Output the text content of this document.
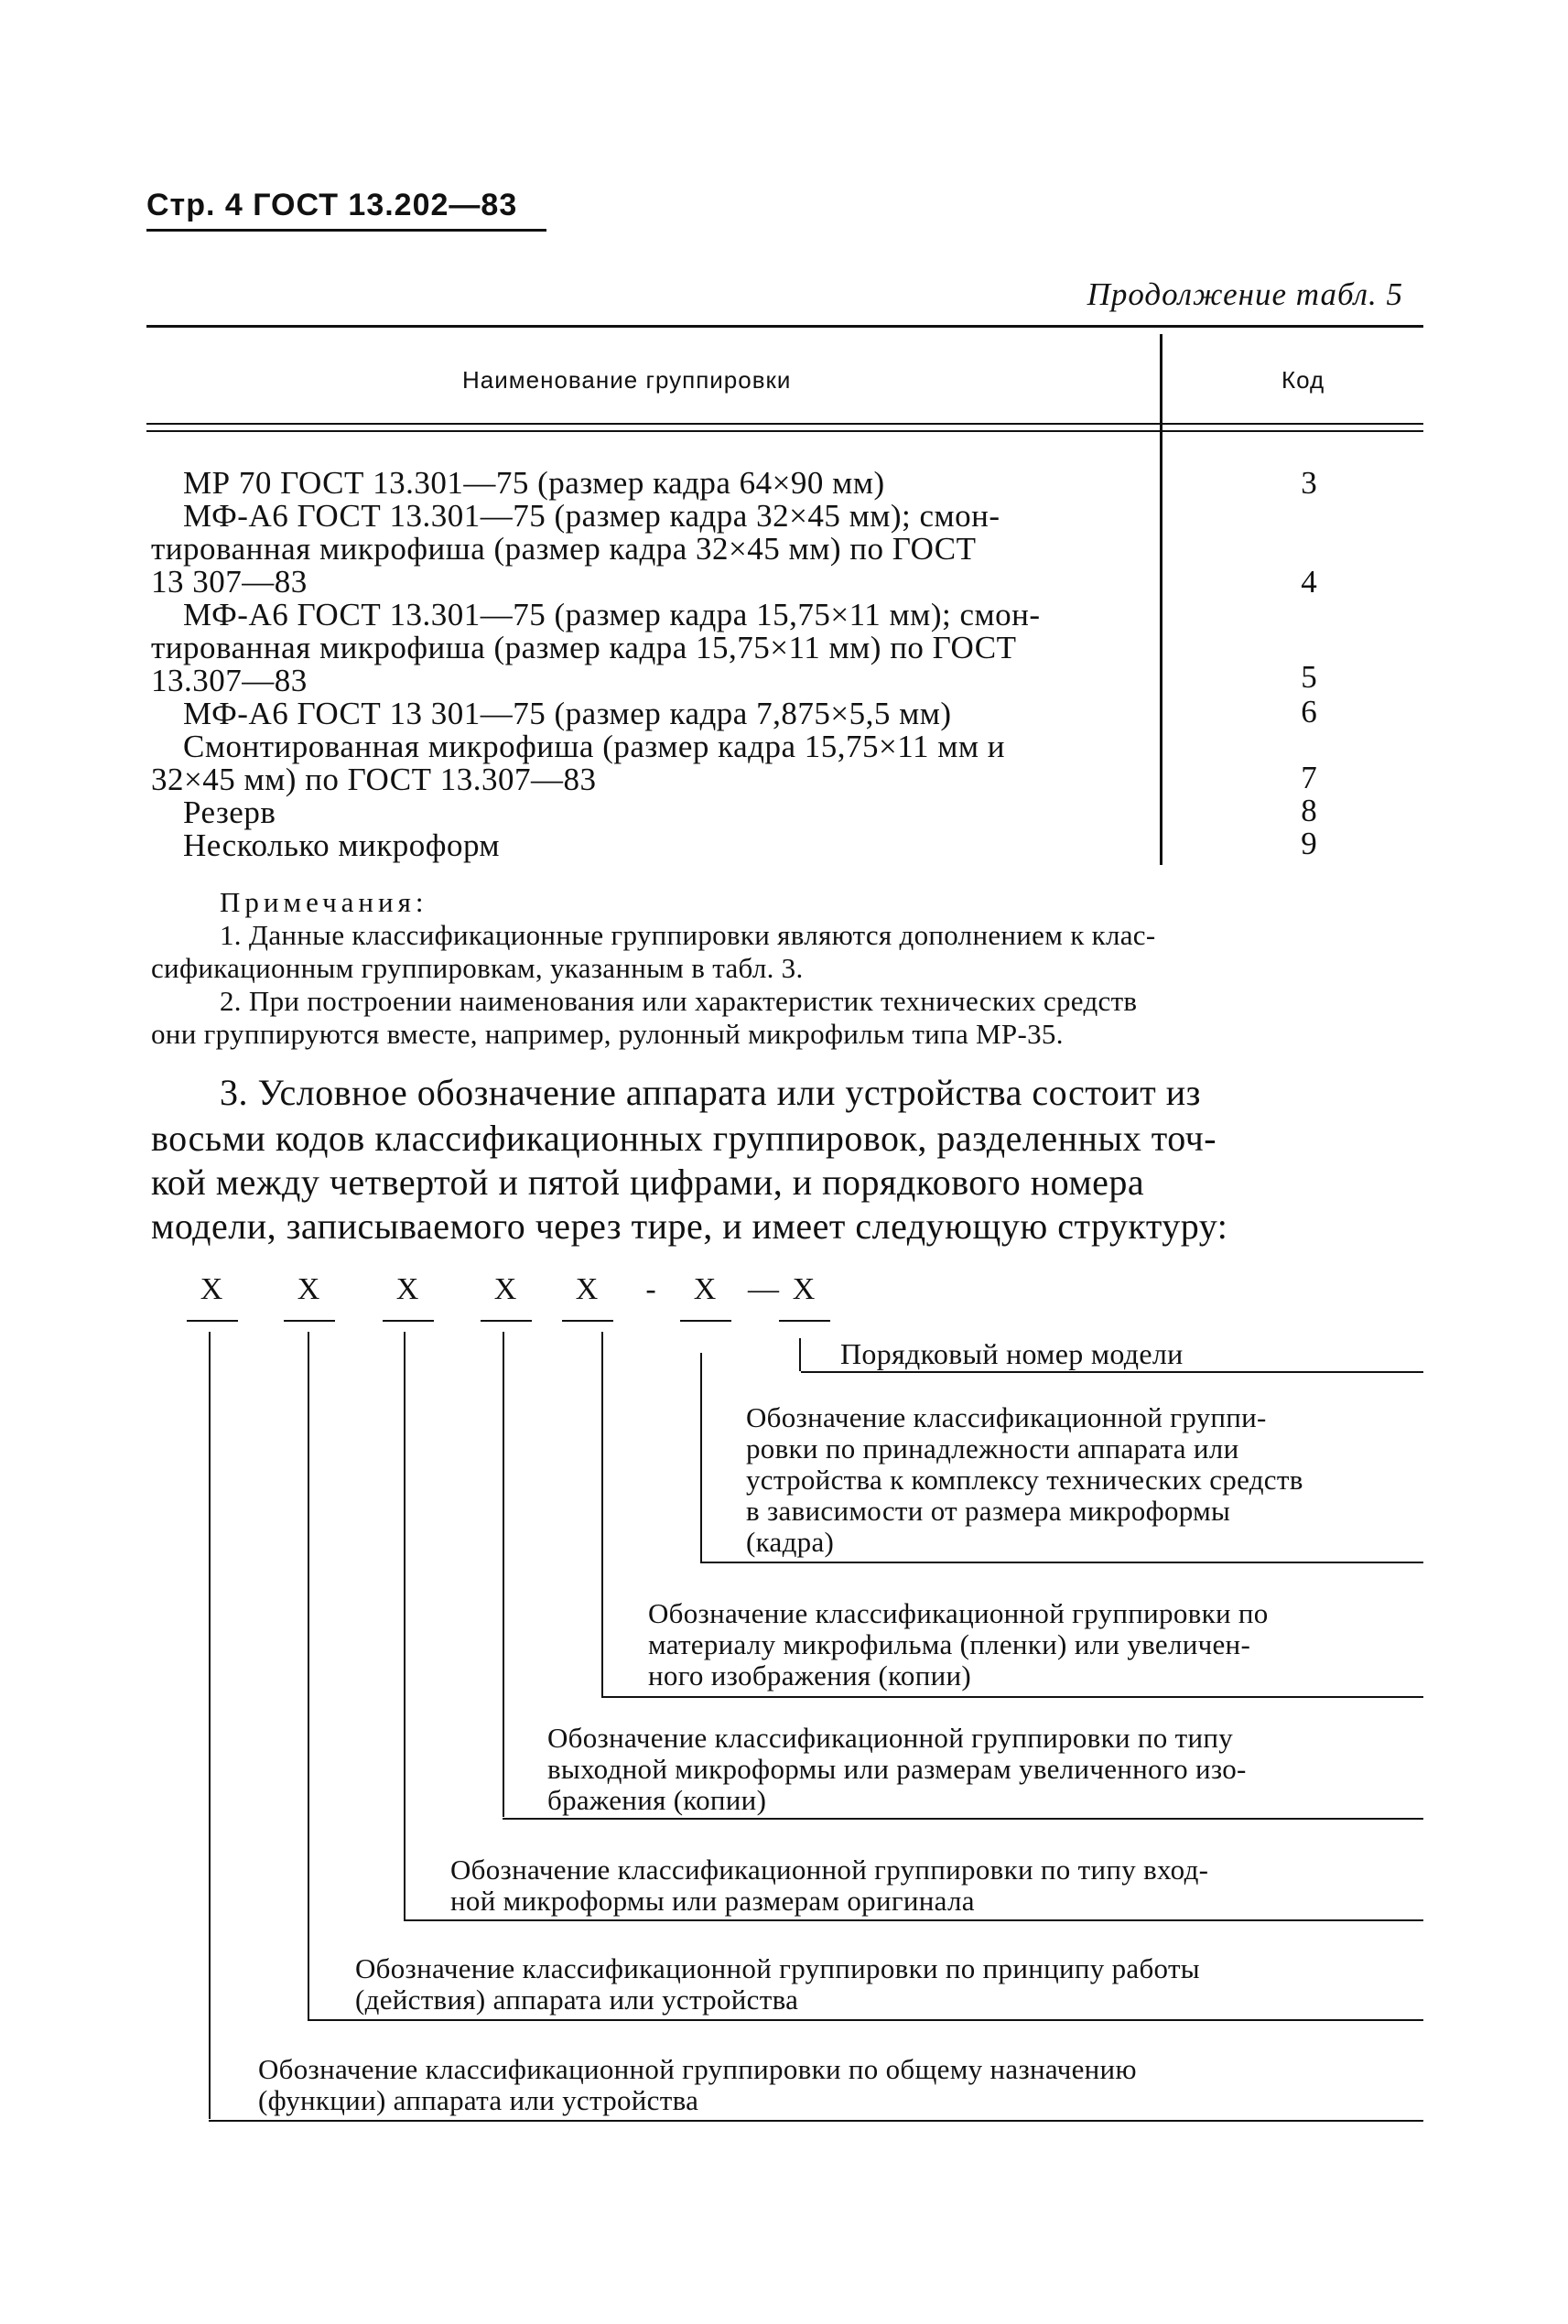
Стр. 4 ГОСТ 13.202—83
Продолжение табл. 5
Наименование группировки	Код
МР 70 ГОСТ 13.301—75 (размер кадра 64×90 мм)
МФ-А6 ГОСТ 13.301—75 (размер кадра 32×45 мм); смон-
тированная микрофиша (размер кадра 32×45 мм) по ГОСТ
13 307—83
МФ-А6 ГОСТ 13.301—75 (размер кадра 15,75×11 мм); смон-
тированная микрофиша (размер кадра 15,75×11 мм) по ГОСТ
13.307—83
МФ-А6 ГОСТ 13 301—75 (размер кадра 7,875×5,5 мм)
Смонтированная микрофиша (размер кадра 15,75×11 мм и
32×45 мм) по ГОСТ 13.307—83
Резерв
Несколько микроформ
3
4
5
6
7
8
9
Примечания:
1. Данные классификационные группировки являются дополнением к клас-
сификационным группировкам, указанным в табл. 3.
2. При построении наименования или характеристик технических средств
они группируются вместе, например, рулонный микрофильм типа МР-35.
3. Условное обозначение аппарата или устройства состоит из
восьми кодов классификационных группировок, разделенных точ-
кой между четвертой и пятой цифрами, и порядкового номера
модели, записываемого через тире, и имеет следующую структуру:
Х Х Х Х Х - Х — Х
Порядковый номер модели
Обозначение классификационной группи-
ровки по принадлежности аппарата или
устройства к комплексу технических средств
в зависимости от размера микроформы
(кадра)
Обозначение классификационной группировки по
материалу микрофильма (пленки) или увеличен-
ного изображения (копии)
Обозначение классификационной группировки по типу
выходной микроформы или размерам увеличенного изо-
бражения (копии)
Обозначение классификационной группировки по типу вход-
ной микроформы или размерам оригинала
Обозначение классификационной группировки по принципу работы
(действия) аппарата или устройства
Обозначение классификационной группировки по общему назначению
(функции) аппарата или устройства
